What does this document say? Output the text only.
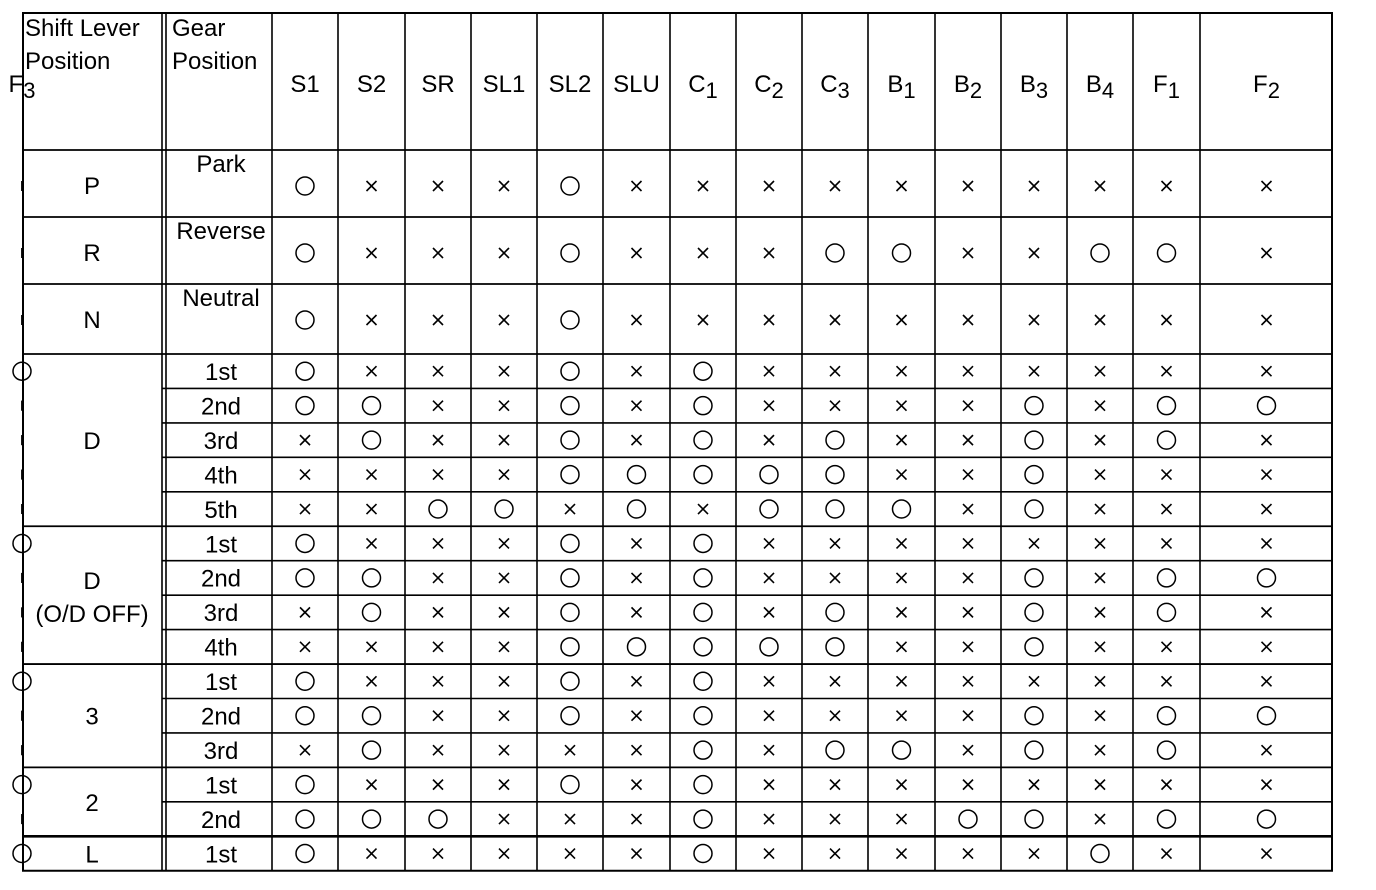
Shift Lever
Position
Gear
Position
S1 S2 SR SL1 SL2 SLU C1 C2 C3 B1 B2 B3 B4 F1	F2
F3
Park
Reverse
Neutral
1st
2nd
3rd
4th
5th
1st
2nd
3rd
4th
1st
2nd
3rd
1st
2nd
1st
P
R
N
D
D
(O/D OFF)
3
2
L
